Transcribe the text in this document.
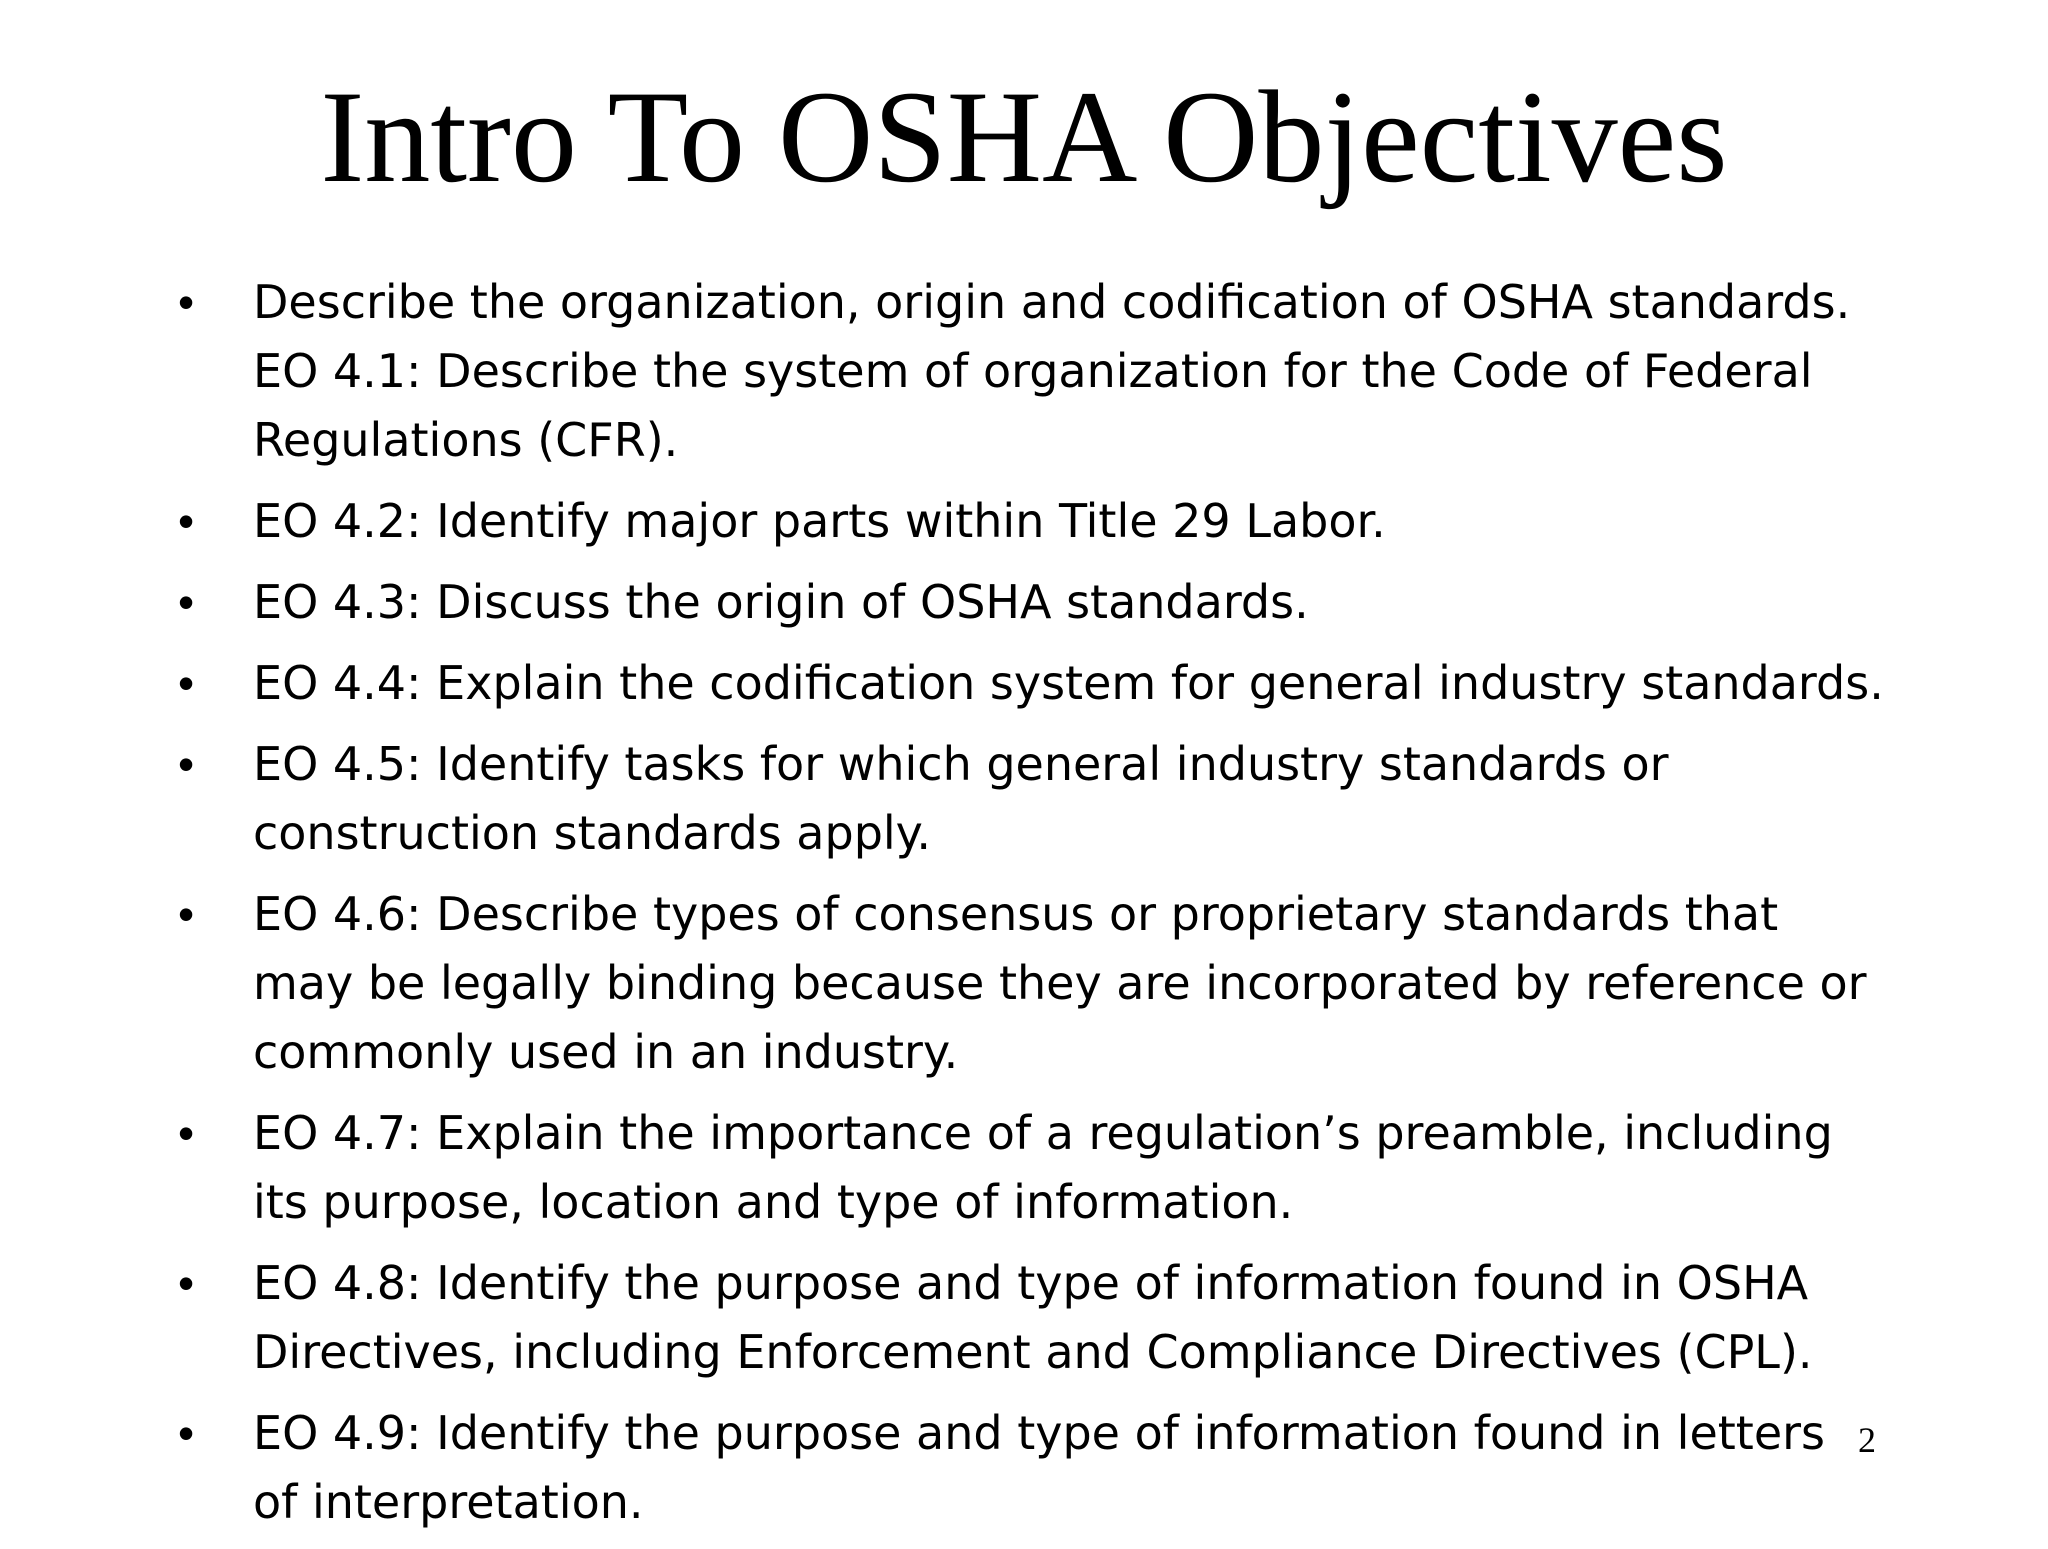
Intro To OSHA Objectives
•	Describe the organization, origin and codification of OSHA standards.
EO 4.1: Describe the system of organization for the Code of Federal
Regulations (CFR).
•	EO 4.2: Identify major parts within Title 29 Labor.
•	EO 4.3: Discuss the origin of OSHA standards.
•	EO 4.4: Explain the codification system for general industry standards.
•	EO 4.5: Identify tasks for which general industry standards or
construction standards apply.
•	EO 4.6: Describe types of consensus or proprietary standards that
may be legally binding because they are incorporated by reference or
commonly used in an industry.
•	EO 4.7: Explain the importance of a regulation’s preamble, including
its purpose, location and type of information.
•	EO 4.8: Identify the purpose and type of information found in OSHA
Directives, including Enforcement and Compliance Directives (CPL).
•	EO 4.9: Identify the purpose and type of information found in letters
of interpretation.
2
